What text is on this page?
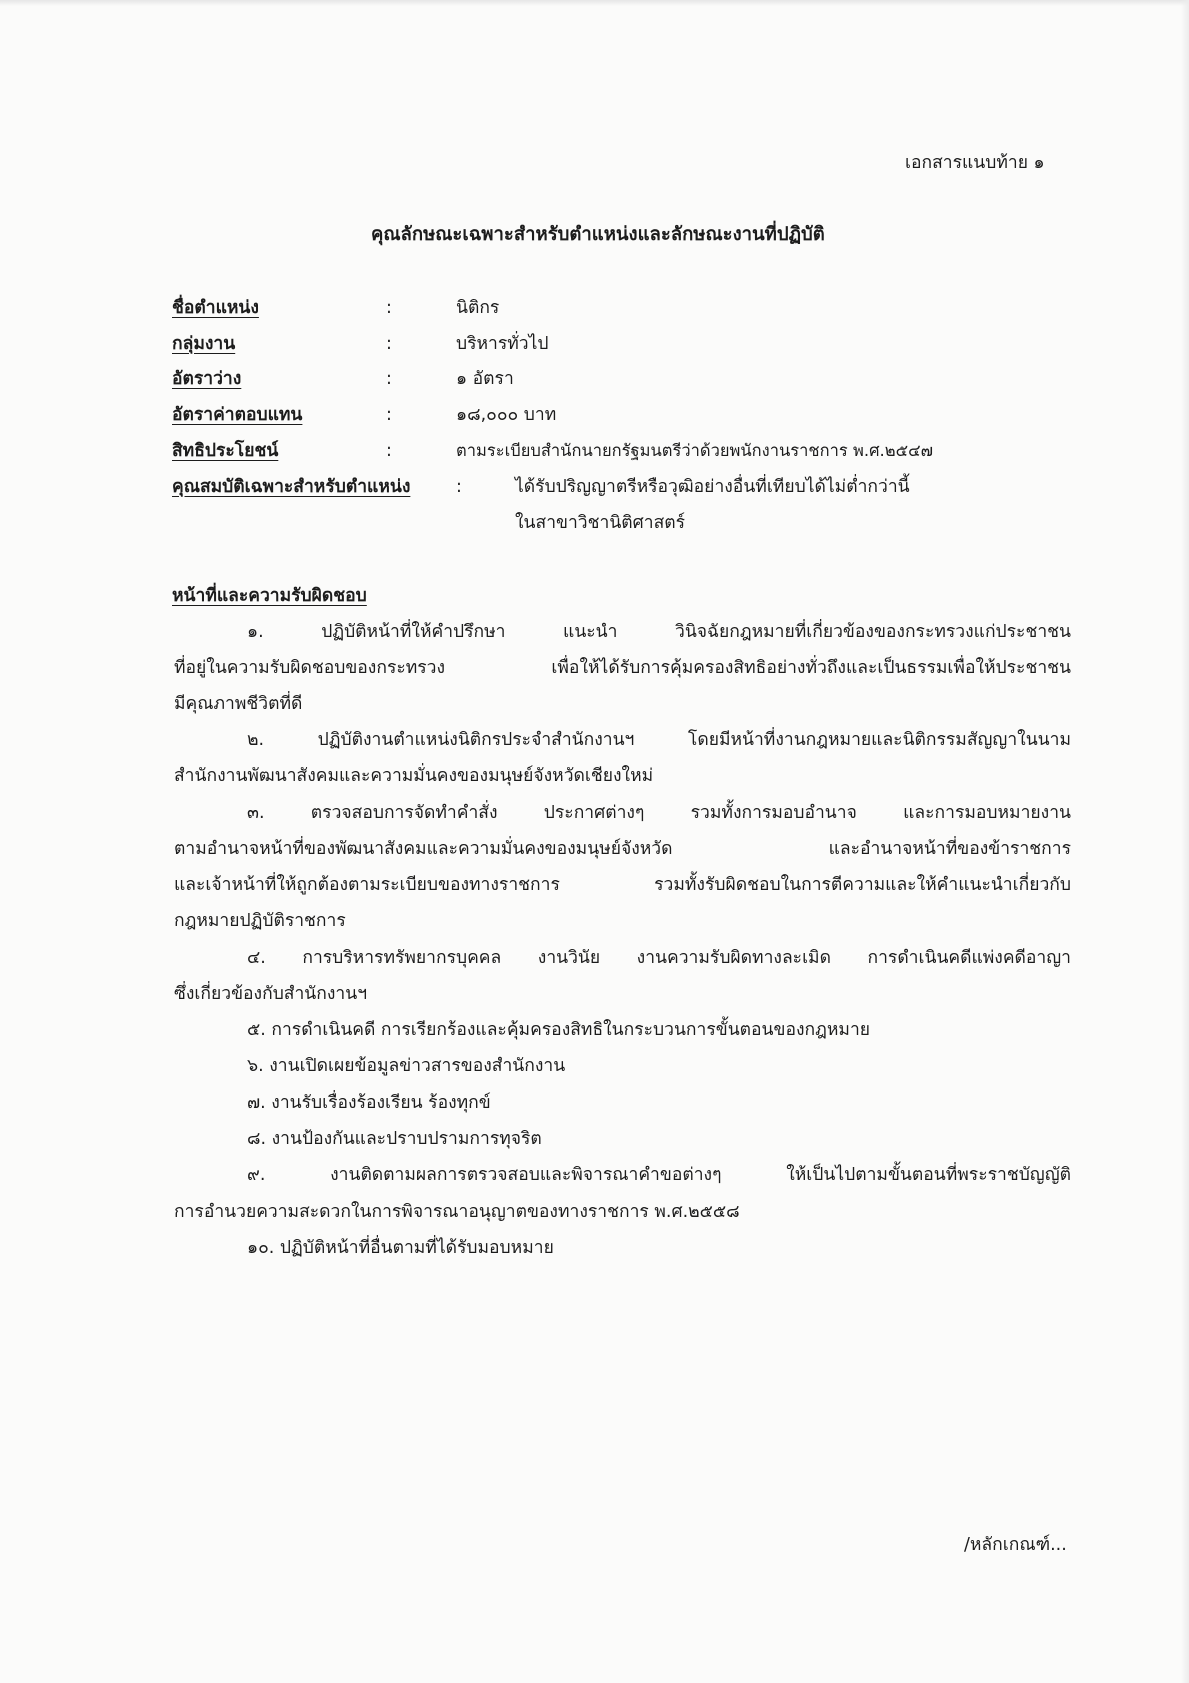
เอกสารแนบท้าย ๑
คุณลักษณะเฉพาะสำหรับตำแหน่งและลักษณะงานที่ปฏิบัติ
ชื่อตำแหน่ง	:	นิติกร
กลุ่มงาน	:	บริหารทั่วไป
อัตราว่าง	:	๑ อัตรา
อัตราค่าตอบแทน	:	๑๘,๐๐๐ บาท
สิทธิประโยชน์	:	ตามระเบียบสำนักนายกรัฐมนตรีว่าด้วยพนักงานราชการ พ.ศ.๒๕๔๗
คุณสมบัติเฉพาะสำหรับตำแหน่ง	:	ได้รับปริญญาตรีหรือวุฒิอย่างอื่นที่เทียบได้ไม่ต่ำกว่านี้
ในสาขาวิชานิติศาสตร์
หน้าที่และความรับผิดชอบ
๑. ปฏิบัติหน้าที่ให้คำปรึกษา แนะนำ วินิจฉัยกฎหมายที่เกี่ยวข้องของกระทรวงแก่ประชาชน
ที่อยู่ในความรับผิดชอบของกระทรวง เพื่อให้ได้รับการคุ้มครองสิทธิอย่างทั่วถึงและเป็นธรรมเพื่อให้ประชาชน
มีคุณภาพชีวิตที่ดี
๒. ปฏิบัติงานตำแหน่งนิติกรประจำสำนักงานฯ โดยมีหน้าที่งานกฎหมายและนิติกรรมสัญญาในนาม
สำนักงานพัฒนาสังคมและความมั่นคงของมนุษย์จังหวัดเชียงใหม่
๓. ตรวจสอบการจัดทำคำสั่ง ประกาศต่างๆ รวมทั้งการมอบอำนาจ และการมอบหมายงาน
ตามอำนาจหน้าที่ของพัฒนาสังคมและความมั่นคงของมนุษย์จังหวัด และอำนาจหน้าที่ของข้าราชการ
และเจ้าหน้าที่ให้ถูกต้องตามระเบียบของทางราชการ รวมทั้งรับผิดชอบในการตีความและให้คำแนะนำเกี่ยวกับ
กฎหมายปฏิบัติราชการ
๔. การบริหารทรัพยากรบุคคล งานวินัย งานความรับผิดทางละเมิด การดำเนินคดีแพ่งคดีอาญา
ซึ่งเกี่ยวข้องกับสำนักงานฯ
๕. การดำเนินคดี การเรียกร้องและคุ้มครองสิทธิในกระบวนการขั้นตอนของกฎหมาย
๖. งานเปิดเผยข้อมูลข่าวสารของสำนักงาน
๗. งานรับเรื่องร้องเรียน ร้องทุกข์
๘. งานป้องกันและปราบปรามการทุจริต
๙. งานติดตามผลการตรวจสอบและพิจารณาคำขอต่างๆ ให้เป็นไปตามขั้นตอนที่พระราชบัญญัติ
การอำนวยความสะดวกในการพิจารณาอนุญาตของทางราชการ พ.ศ.๒๕๕๘
๑๐. ปฏิบัติหน้าที่อื่นตามที่ได้รับมอบหมาย
/หลักเกณฑ์...
